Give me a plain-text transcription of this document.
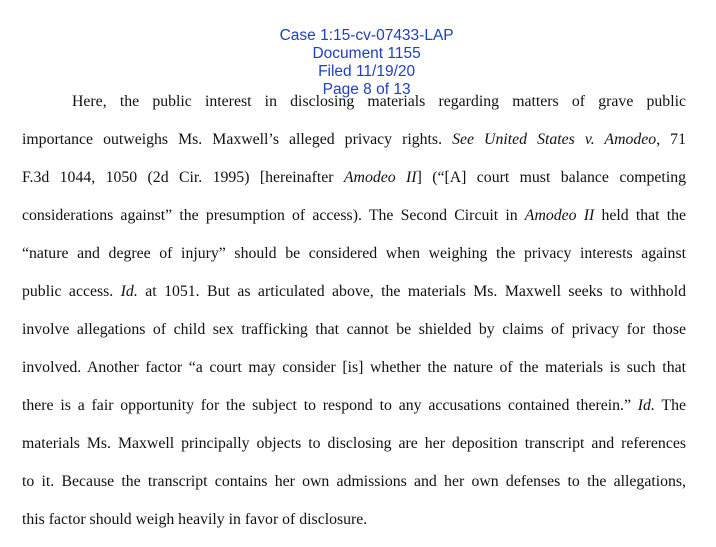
Case 1:15-cv-07433-LAP
Document 1155
Filed 11/19/20
Page 8 of 13

Here, the public interest in disclosing materials regarding matters of grave public
importance outweighs Ms. Maxwell’s alleged privacy rights. See United States v. Amodeo, 71
F.3d 1044, 1050 (2d Cir. 1995) [hereinafter Amodeo II] (“[A] court must balance competing
considerations against” the presumption of access). The Second Circuit in Amodeo II held that the
“nature and degree of injury” should be considered when weighing the privacy interests against
public access. Id. at 1051. But as articulated above, the materials Ms. Maxwell seeks to withhold
involve allegations of child sex trafficking that cannot be shielded by claims of privacy for those
involved. Another factor “a court may consider [is] whether the nature of the materials is such that
there is a fair opportunity for the subject to respond to any accusations contained therein.” Id. The
materials Ms. Maxwell principally objects to disclosing are her deposition transcript and references
to it. Because the transcript contains her own admissions and her own defenses to the allegations,
this factor should weigh heavily in favor of disclosure.
